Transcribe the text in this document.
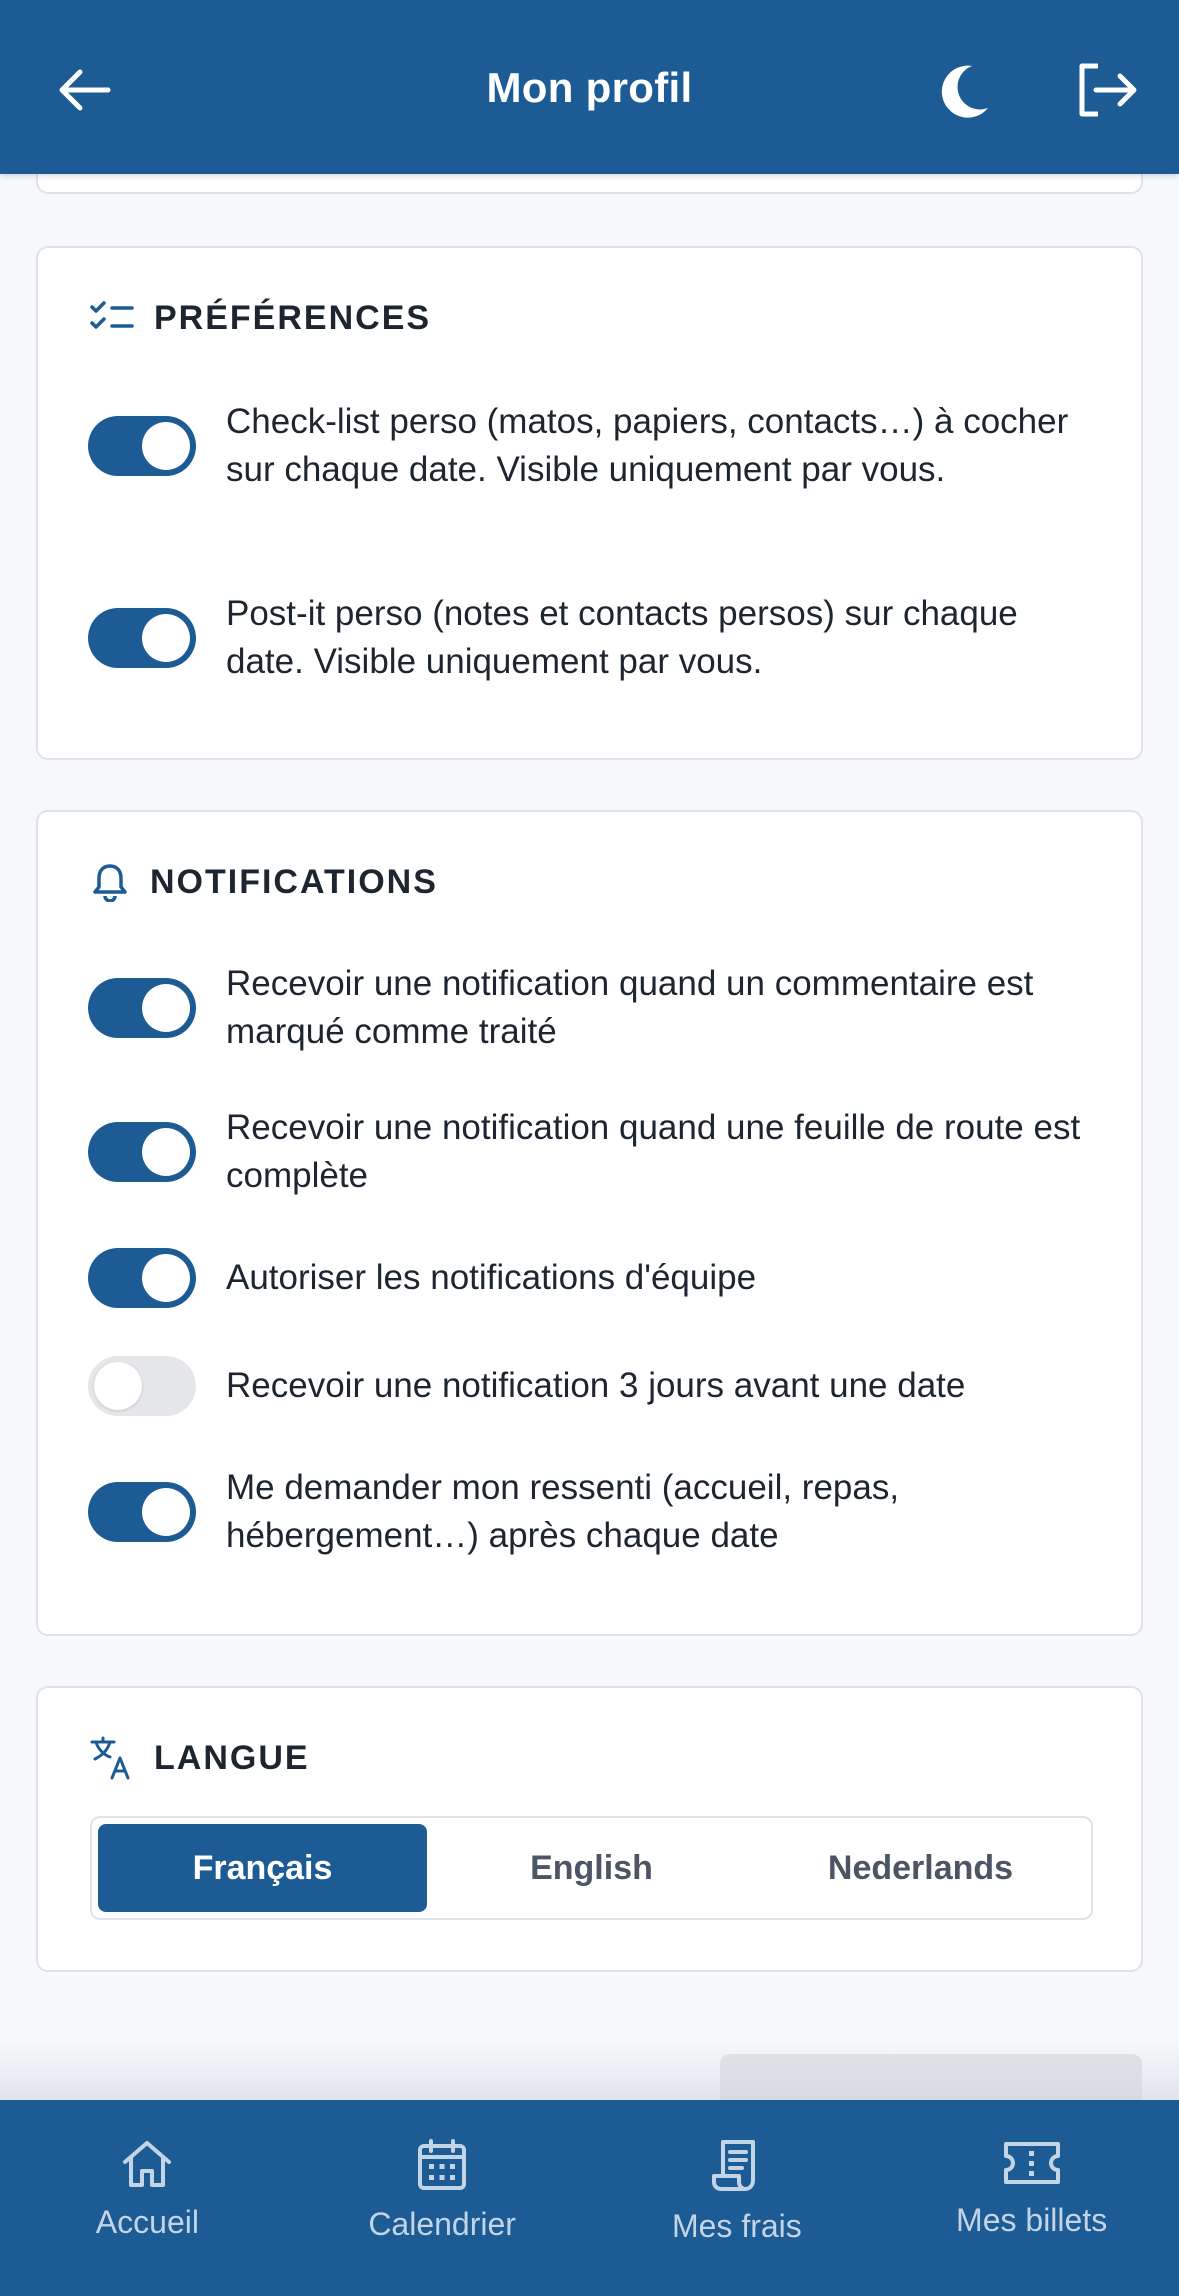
Mon profil
PRÉFÉRENCES
Check-list perso (matos, papiers, contacts…) à cocher sur chaque date. Visible uniquement par vous.
Post-it perso (notes et contacts persos) sur chaque date. Visible uniquement par vous.
NOTIFICATIONS
Recevoir une notification quand un commentaire est marqué comme traité
Recevoir une notification quand une feuille de route est complète
Autoriser les notifications d'équipe
Recevoir une notification 3 jours avant une date
Me demander mon ressenti (accueil, repas, hébergement…) après chaque date
LANGUE
Français	English	Nederlands
Accueil	Calendrier	Mes frais	Mes billets
